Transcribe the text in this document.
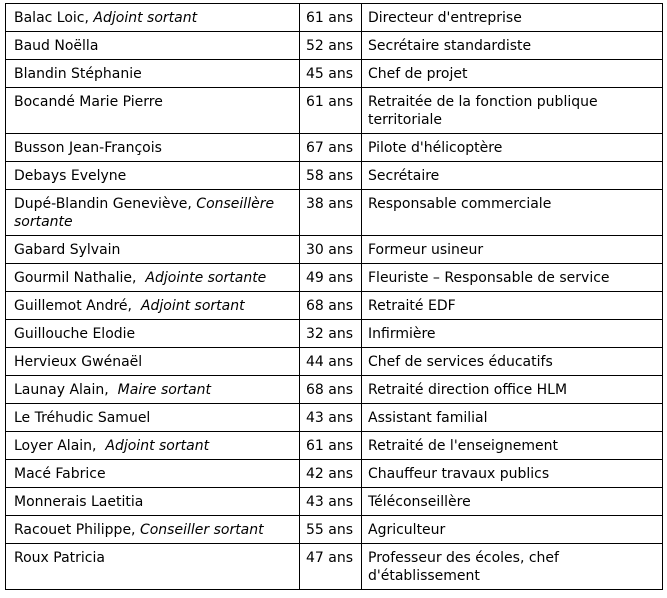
Balac Loic, Adjoint sortant	61 ans	Directeur d'entreprise
Baud Noëlla	52 ans	Secrétaire standardiste
Blandin Stéphanie	45 ans	Chef de projet
Bocandé Marie Pierre	61 ans	Retraitée de la fonction publique territoriale
Busson Jean-François	67 ans	Pilote d'hélicoptère
Debays Evelyne	58 ans	Secrétaire
Dupé-Blandin Geneviève, Conseillère sortante	38 ans	Responsable commerciale
Gabard Sylvain	30 ans	Formeur usineur
Gourmil Nathalie, Adjointe sortante	49 ans	Fleuriste – Responsable de service
Guillemot André, Adjoint sortant	68 ans	Retraité EDF
Guillouche Elodie	32 ans	Infirmière
Hervieux Gwénaël	44 ans	Chef de services éducatifs
Launay Alain, Maire sortant	68 ans	Retraité direction office HLM
Le Tréhudic Samuel	43 ans	Assistant familial
Loyer Alain, Adjoint sortant	61 ans	Retraité de l'enseignement
Macé Fabrice	42 ans	Chauffeur travaux publics
Monnerais Laetitia	43 ans	Téléconseillère
Racouet Philippe, Conseiller sortant	55 ans	Agriculteur
Roux Patricia	47 ans	Professeur des écoles, chef d'établissement
